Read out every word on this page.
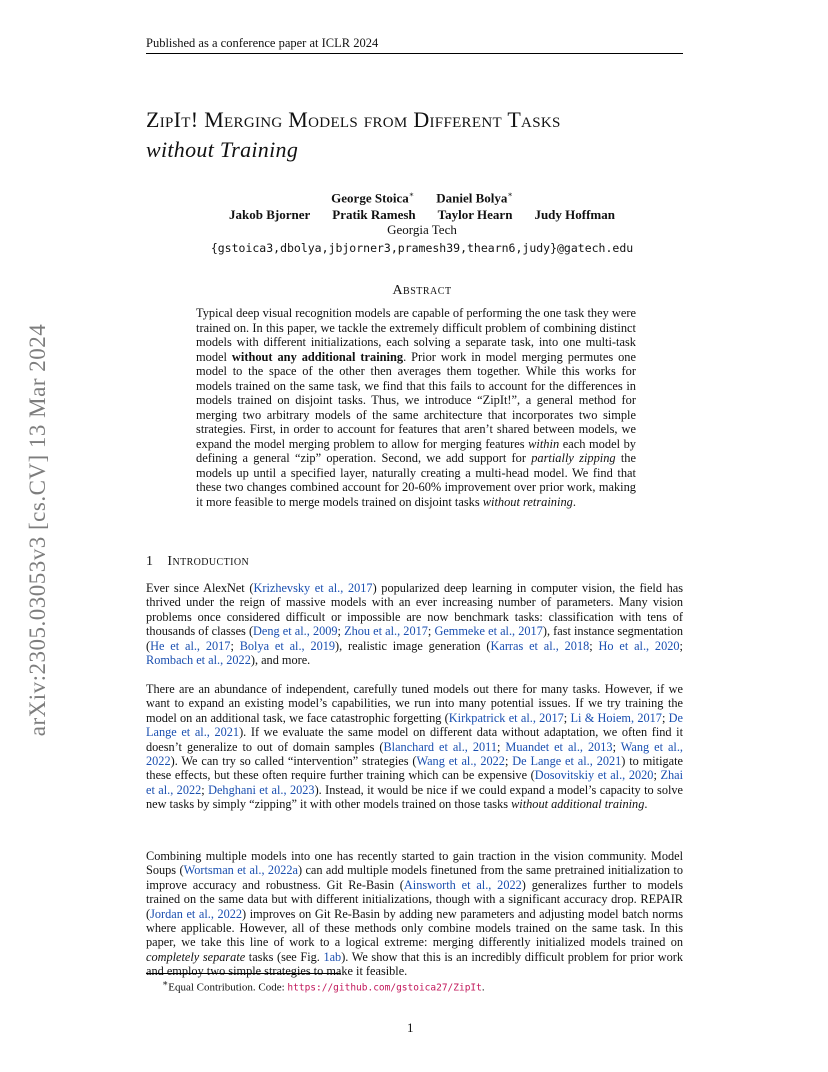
Published as a conference paper at ICLR 2024
ZipIt! Merging Models from Different Tasks
without Training
George Stoica∗ Daniel Bolya∗
Jakob Bjorner Pratik Ramesh Taylor Hearn Judy Hoffman
Georgia Tech
{gstoica3,dbolya,jbjorner3,pramesh39,thearn6,judy}@gatech.edu
Abstract
Typical deep visual recognition models are capable of performing the one task they were trained on. In this paper, we tackle the extremely difficult problem of combining distinct models with different initializations, each solving a separate task, into one multi-task model without any additional training. Prior work in model merging permutes one model to the space of the other then averages them together. While this works for models trained on the same task, we find that this fails to account for the differences in models trained on disjoint tasks. Thus, we introduce “ZipIt!”, a general method for merging two arbitrary models of the same architecture that incorporates two simple strategies. First, in order to account for features that aren’t shared between models, we expand the model merging problem to allow for merging features within each model by defining a general “zip” operation. Second, we add support for partially zipping the models up until a specified layer, naturally creating a multi-head model. We find that these two changes combined account for 20-60% improvement over prior work, making it more feasible to merge models trained on disjoint tasks without retraining.
1 Introduction
Ever since AlexNet (Krizhevsky et al., 2017) popularized deep learning in computer vision, the field has thrived under the reign of massive models with an ever increasing number of parameters. Many vision problems once considered difficult or impossible are now benchmark tasks: classification with tens of thousands of classes (Deng et al., 2009; Zhou et al., 2017; Gemmeke et al., 2017), fast instance segmentation (He et al., 2017; Bolya et al., 2019), realistic image generation (Karras et al., 2018; Ho et al., 2020; Rombach et al., 2022), and more.
There are an abundance of independent, carefully tuned models out there for many tasks. However, if we want to expand an existing model’s capabilities, we run into many potential issues. If we try training the model on an additional task, we face catastrophic forgetting (Kirkpatrick et al., 2017; Li & Hoiem, 2017; De Lange et al., 2021). If we evaluate the same model on different data without adaptation, we often find it doesn’t generalize to out of domain samples (Blanchard et al., 2011; Muandet et al., 2013; Wang et al., 2022). We can try so called “intervention” strategies (Wang et al., 2022; De Lange et al., 2021) to mitigate these effects, but these often require further training which can be expensive (Dosovitskiy et al., 2020; Zhai et al., 2022; Dehghani et al., 2023). Instead, it would be nice if we could expand a model’s capacity to solve new tasks by simply “zipping” it with other models trained on those tasks without additional training.
Combining multiple models into one has recently started to gain traction in the vision community. Model Soups (Wortsman et al., 2022a) can add multiple models finetuned from the same pretrained initialization to improve accuracy and robustness. Git Re-Basin (Ainsworth et al., 2022) generalizes further to models trained on the same data but with different initializations, though with a significant accuracy drop. REPAIR (Jordan et al., 2022) improves on Git Re-Basin by adding new parameters and adjusting model batch norms where applicable. However, all of these methods only combine models trained on the same task. In this paper, we take this line of work to a logical extreme: merging differently initialized models trained on completely separate tasks (see Fig. 1ab). We show that this is an incredibly difficult problem for prior work and employ two simple strategies to make it feasible.
∗Equal Contribution. Code: https://github.com/gstoica27/ZipIt.
1
arXiv:2305.03053v3 [cs.CV] 13 Mar 2024
